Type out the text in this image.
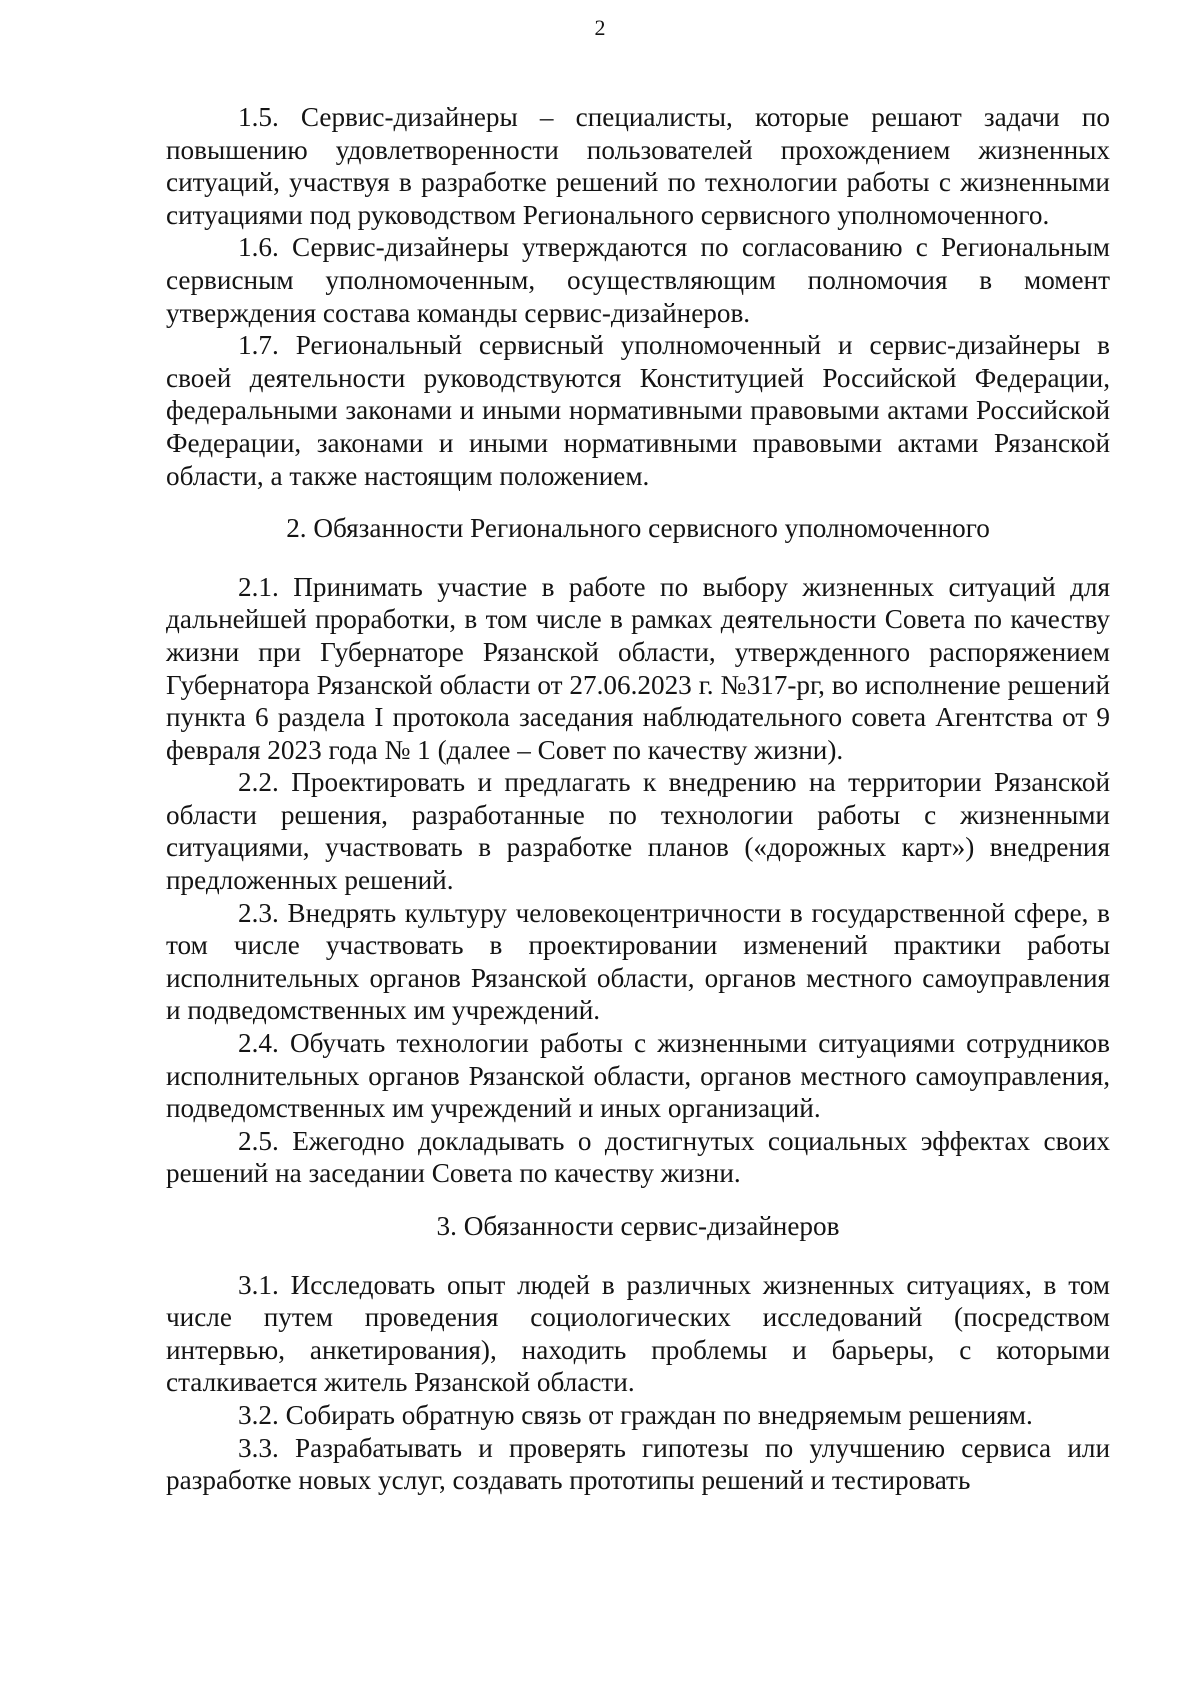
2

1.5. Сервис-дизайнеры – специалисты, которые решают задачи по повышению удовлетворенности пользователей прохождением жизненных ситуаций, участвуя в разработке решений по технологии работы с жизненными ситуациями под руководством Регионального сервисного уполномоченного.

1.6. Сервис-дизайнеры утверждаются по согласованию с Региональным сервисным уполномоченным, осуществляющим полномочия в момент утверждения состава команды сервис-дизайнеров.

1.7. Региональный сервисный уполномоченный и сервис-дизайнеры в своей деятельности руководствуются Конституцией Российской Федерации, федеральными законами и иными нормативными правовыми актами Российской Федерации, законами и иными нормативными правовыми актами Рязанской области, а также настоящим положением.

2. Обязанности Регионального сервисного уполномоченного

2.1. Принимать участие в работе по выбору жизненных ситуаций для дальнейшей проработки, в том числе в рамках деятельности Совета по качеству жизни при Губернаторе Рязанской области, утвержденного распоряжением Губернатора Рязанской области от 27.06.2023 г. №317-рг, во исполнение решений пункта 6 раздела I протокола заседания наблюдательного совета Агентства от 9 февраля 2023 года № 1 (далее – Совет по качеству жизни).

2.2. Проектировать и предлагать к внедрению на территории Рязанской области решения, разработанные по технологии работы с жизненными ситуациями, участвовать в разработке планов («дорожных карт») внедрения предложенных решений.

2.3. Внедрять культуру человекоцентричности в государственной сфере, в том числе участвовать в проектировании изменений практики работы исполнительных органов Рязанской области, органов местного самоуправления и подведомственных им учреждений.

2.4. Обучать технологии работы с жизненными ситуациями сотрудников исполнительных органов Рязанской области, органов местного самоуправления, подведомственных им учреждений и иных организаций.

2.5. Ежегодно докладывать о достигнутых социальных эффектах своих решений на заседании Совета по качеству жизни.

3. Обязанности сервис-дизайнеров

3.1. Исследовать опыт людей в различных жизненных ситуациях, в том числе путем проведения социологических исследований (посредством интервью, анкетирования), находить проблемы и барьеры, с которыми сталкивается житель Рязанской области.

3.2. Собирать обратную связь от граждан по внедряемым решениям.

3.3. Разрабатывать и проверять гипотезы по улучшению сервиса или разработке новых услуг, создавать прототипы решений и тестировать
